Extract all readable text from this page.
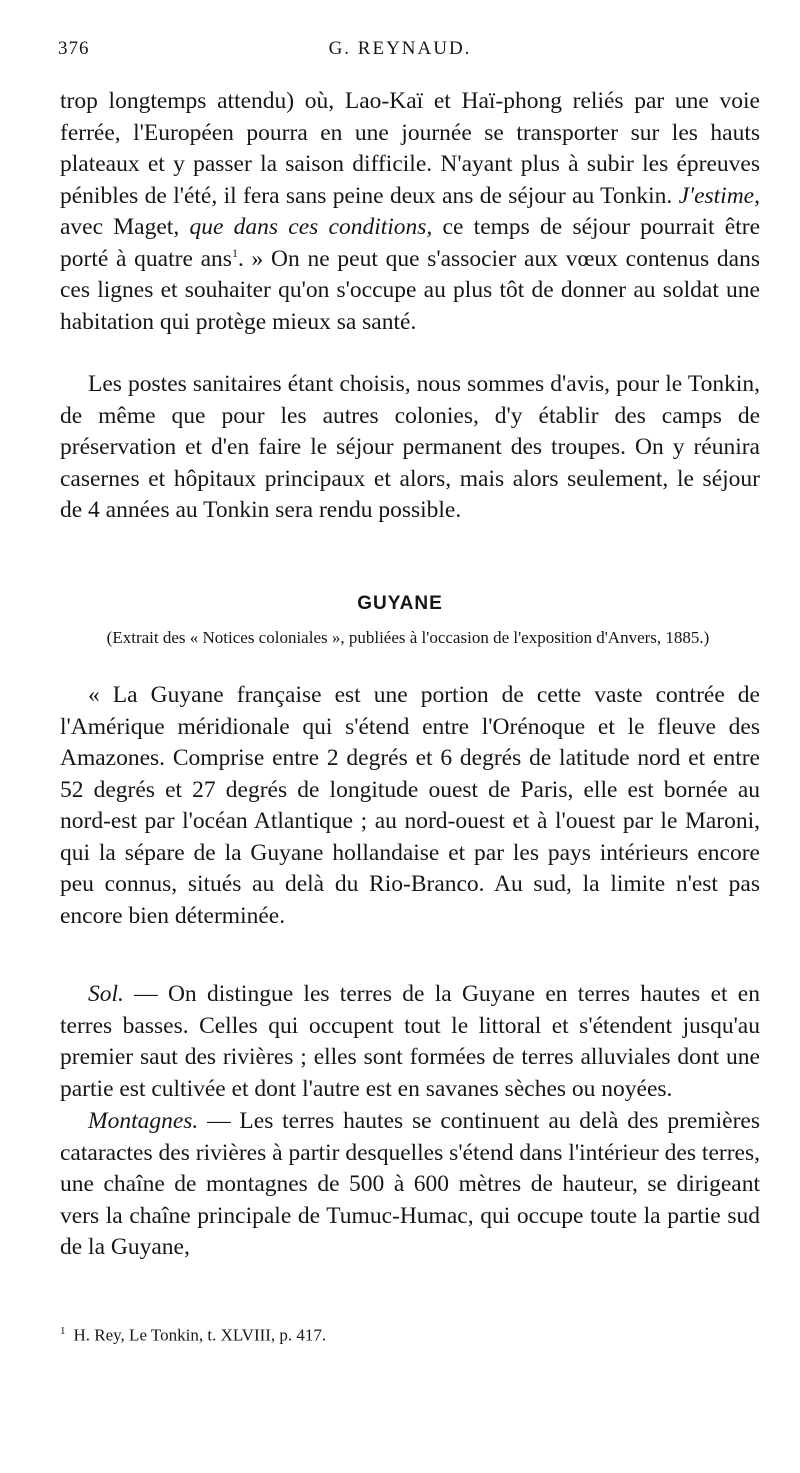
376	G. REYNAUD.

trop longtemps attendu) où, Lao-Kaï et Haï-phong reliés par une voie ferrée, l'Européen pourra en une journée se transporter sur les hauts plateaux et y passer la saison difficile. N'ayant plus à subir les épreuves pénibles de l'été, il fera sans peine deux ans de séjour au Tonkin. J'estime, avec Maget, que dans ces conditions, ce temps de séjour pourrait être porté à quatre ans$^1$. » On ne peut que s'associer aux vœux contenus dans ces lignes et souhaiter qu'on s'occupe au plus tôt de donner au soldat une habitation qui protège mieux sa santé.

Les postes sanitaires étant choisis, nous sommes d'avis, pour le Tonkin, de même que pour les autres colonies, d'y établir des camps de préservation et d'en faire le séjour permanent des troupes. On y réunira casernes et hôpitaux principaux et alors, mais alors seulement, le séjour de 4 années au Tonkin sera rendu possible.

GUYANE
(Extrait des « Notices coloniales », publiées à l'occasion de l'exposition d'Anvers, 1885.)

« La Guyane française est une portion de cette vaste contrée de l'Amérique méridionale qui s'étend entre l'Orénoque et le fleuve des Amazones. Comprise entre 2 degrés et 6 degrés de latitude nord et entre 52 degrés et 27 degrés de longitude ouest de Paris, elle est bornée au nord-est par l'océan Atlantique ; au nord-ouest et à l'ouest par le Maroni, qui la sépare de la Guyane hollandaise et par les pays intérieurs encore peu connus, situés au delà du Rio-Branco. Au sud, la limite n'est pas encore bien déterminée.

Sol. — On distingue les terres de la Guyane en terres hautes et en terres basses. Celles qui occupent tout le littoral et s'étendent jusqu'au premier saut des rivières ; elles sont formées de terres alluviales dont une partie est cultivée et dont l'autre est en savanes sèches ou noyées.

Montagnes. — Les terres hautes se continuent au delà des premières cataractes des rivières à partir desquelles s'étend dans l'intérieur des terres, une chaîne de montagnes de 500 à 600 mètres de hauteur, se dirigeant vers la chaîne principale de Tumuc-Humac, qui occupe toute la partie sud de la Guyane,

$^1$ H. Rey, Le Tonkin, t. XLVIII, p. 417.
